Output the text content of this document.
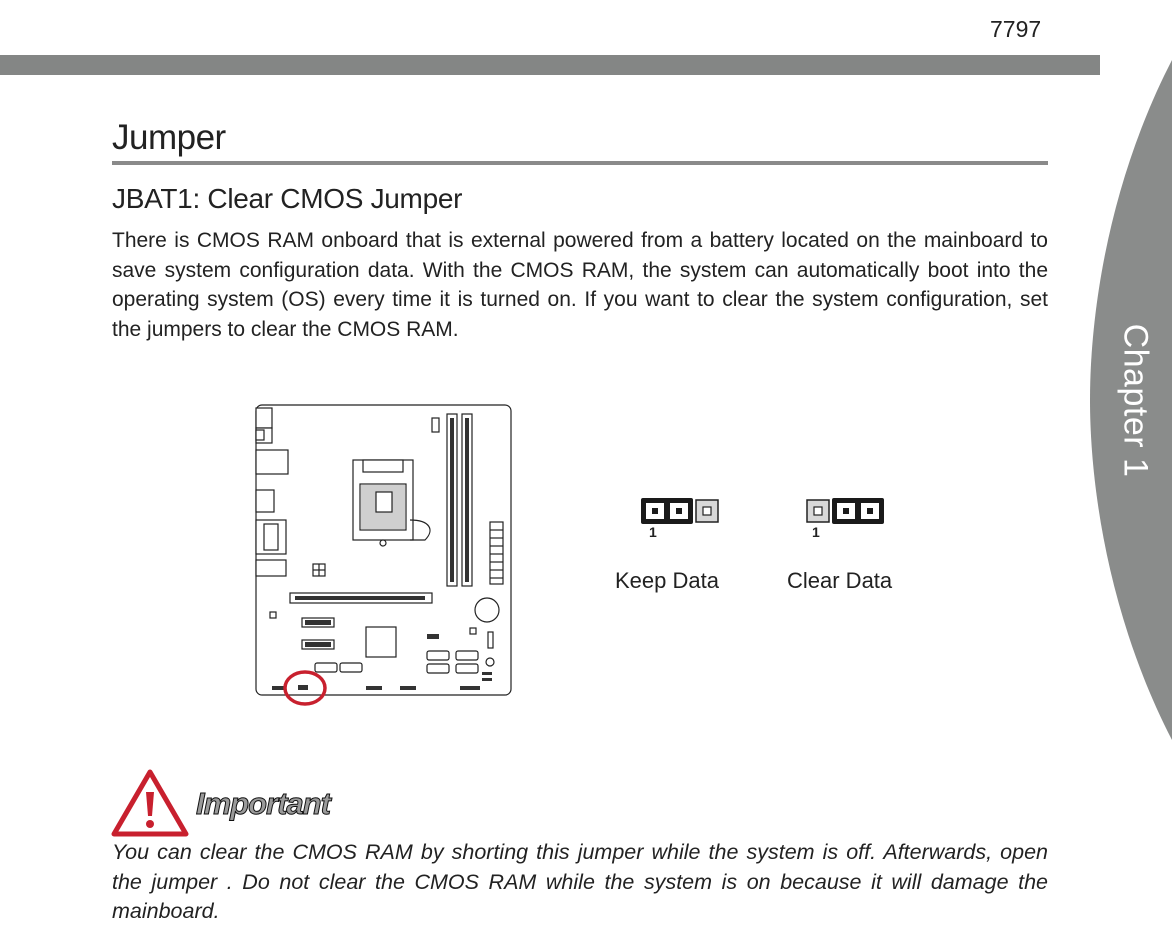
7797
Chapter 1
Jumper
JBAT1: Clear CMOS Jumper

There is CMOS RAM onboard that is external powered from a battery located on the mainboard to save system configuration data. With the CMOS RAM, the system can automatically boot into the operating system (OS) every time it is turned on. If you want to clear the system configuration, set the jumpers to clear the CMOS RAM.

1
Keep Data
1
Clear Data
Important

You can clear the CMOS RAM by shorting this jumper while the system is off. Afterwards, open the jumper . Do not clear the CMOS RAM while the system is on because it will damage the mainboard.
